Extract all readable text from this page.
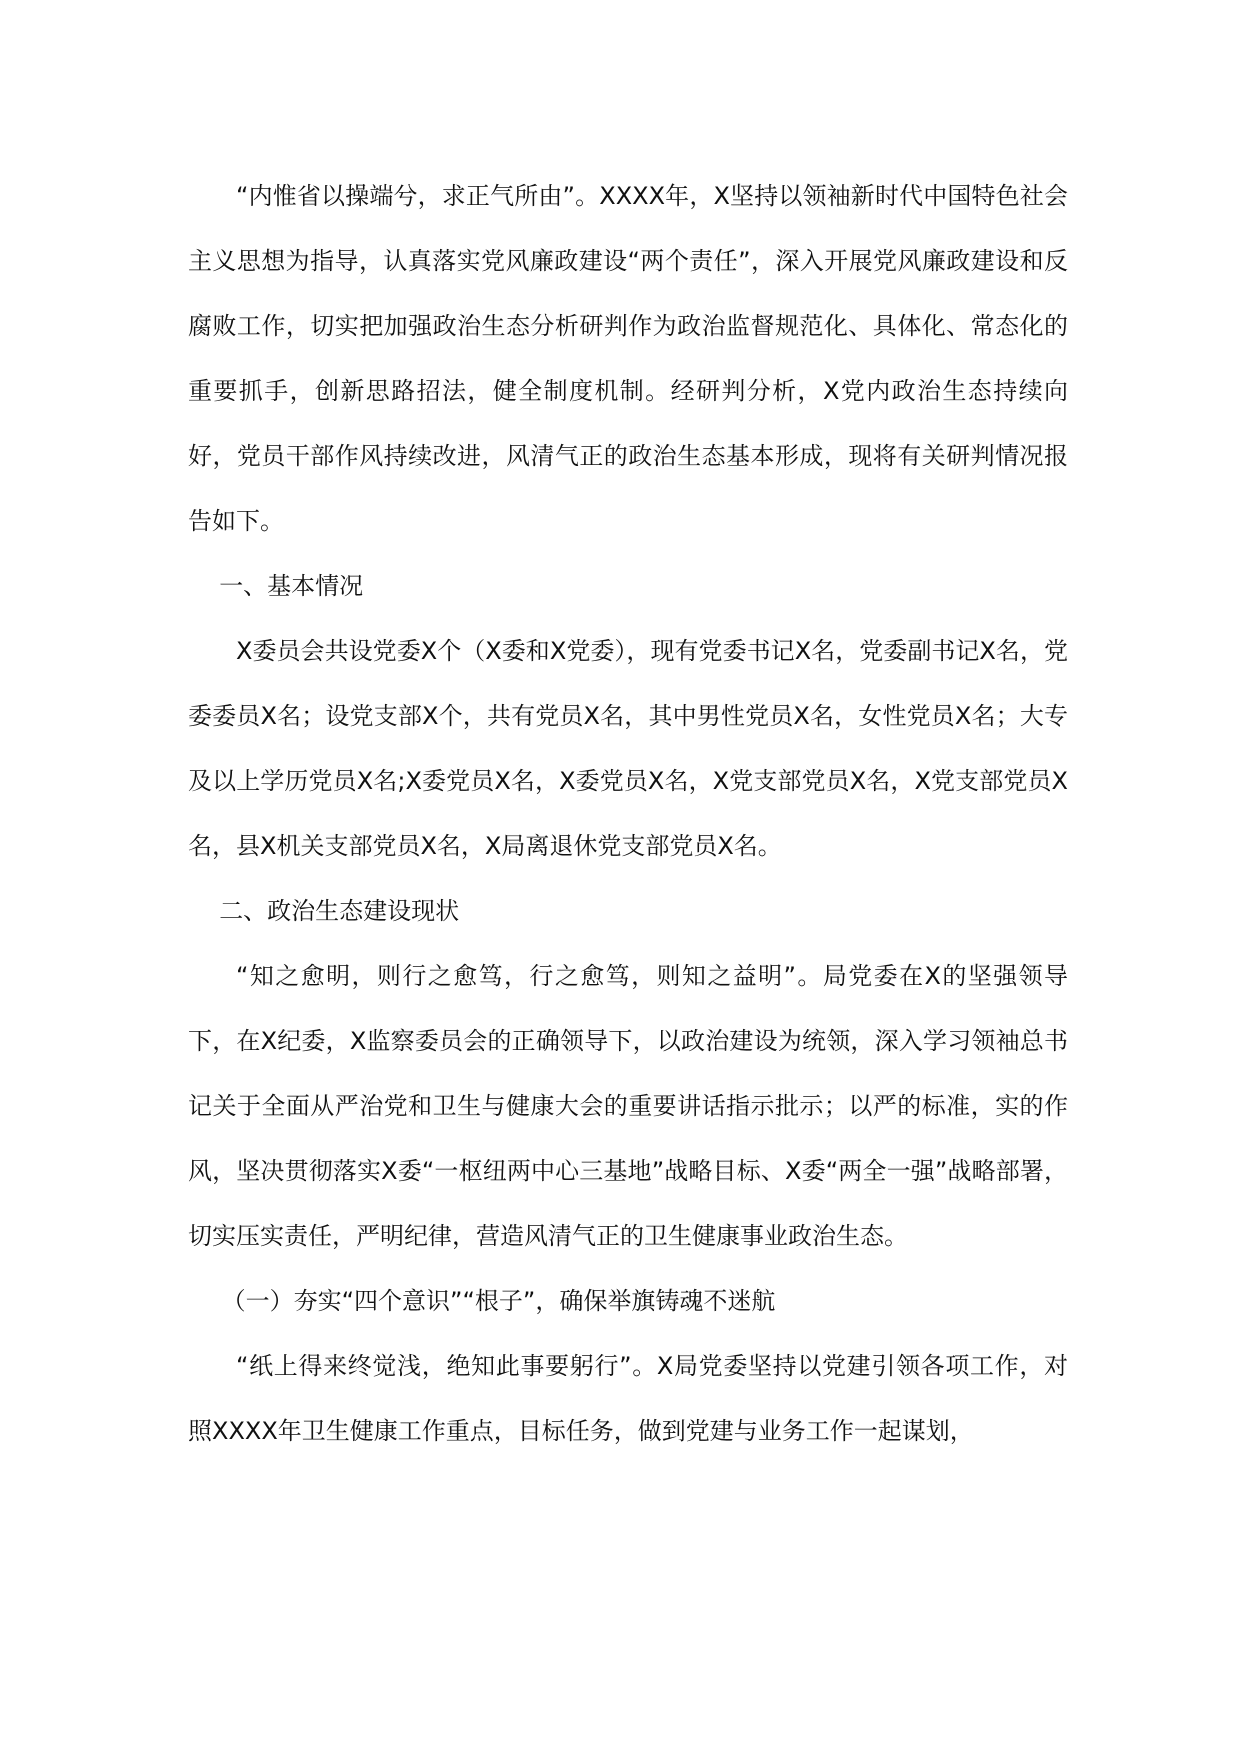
“内惟省以操端兮，求正气所由”。XXXX年，X坚持以领袖新时代中国特色社会主义思想为指导，认真落实党风廉政建设“两个责任”，深入开展党风廉政建设和反腐败工作，切实把加强政治生态分析研判作为政治监督规范化、具体化、常态化的重要抓手，创新思路招法，健全制度机制。经研判分析，X党内政治生态持续向好，党员干部作风持续改进，风清气正的政治生态基本形成，现将有关研判情况报告如下。

一、基本情况

X委员会共设党委X个（X委和X党委），现有党委书记X名，党委副书记X名，党委委员X名；设党支部X个，共有党员X名，其中男性党员X名，女性党员X名；大专及以上学历党员X名;X委党员X名，X委党员X名，X党支部党员X名，X党支部党员X名，县X机关支部党员X名，X局离退休党支部党员X名。

二、政治生态建设现状

“知之愈明，则行之愈笃，行之愈笃，则知之益明”。局党委在X的坚强领导下，在X纪委，X监察委员会的正确领导下，以政治建设为统领，深入学习领袖总书记关于全面从严治党和卫生与健康大会的重要讲话指示批示；以严的标准，实的作风，坚决贯彻落实X委“一枢纽两中心三基地”战略目标、X委“两全一强”战略部署，切实压实责任，严明纪律，营造风清气正的卫生健康事业政治生态。

（一）夯实“四个意识”“根子”，确保举旗铸魂不迷航

“纸上得来终觉浅，绝知此事要躬行”。X局党委坚持以党建引领各项工作，对照XXXX年卫生健康工作重点，目标任务，做到党建与业务工作一起谋划，
